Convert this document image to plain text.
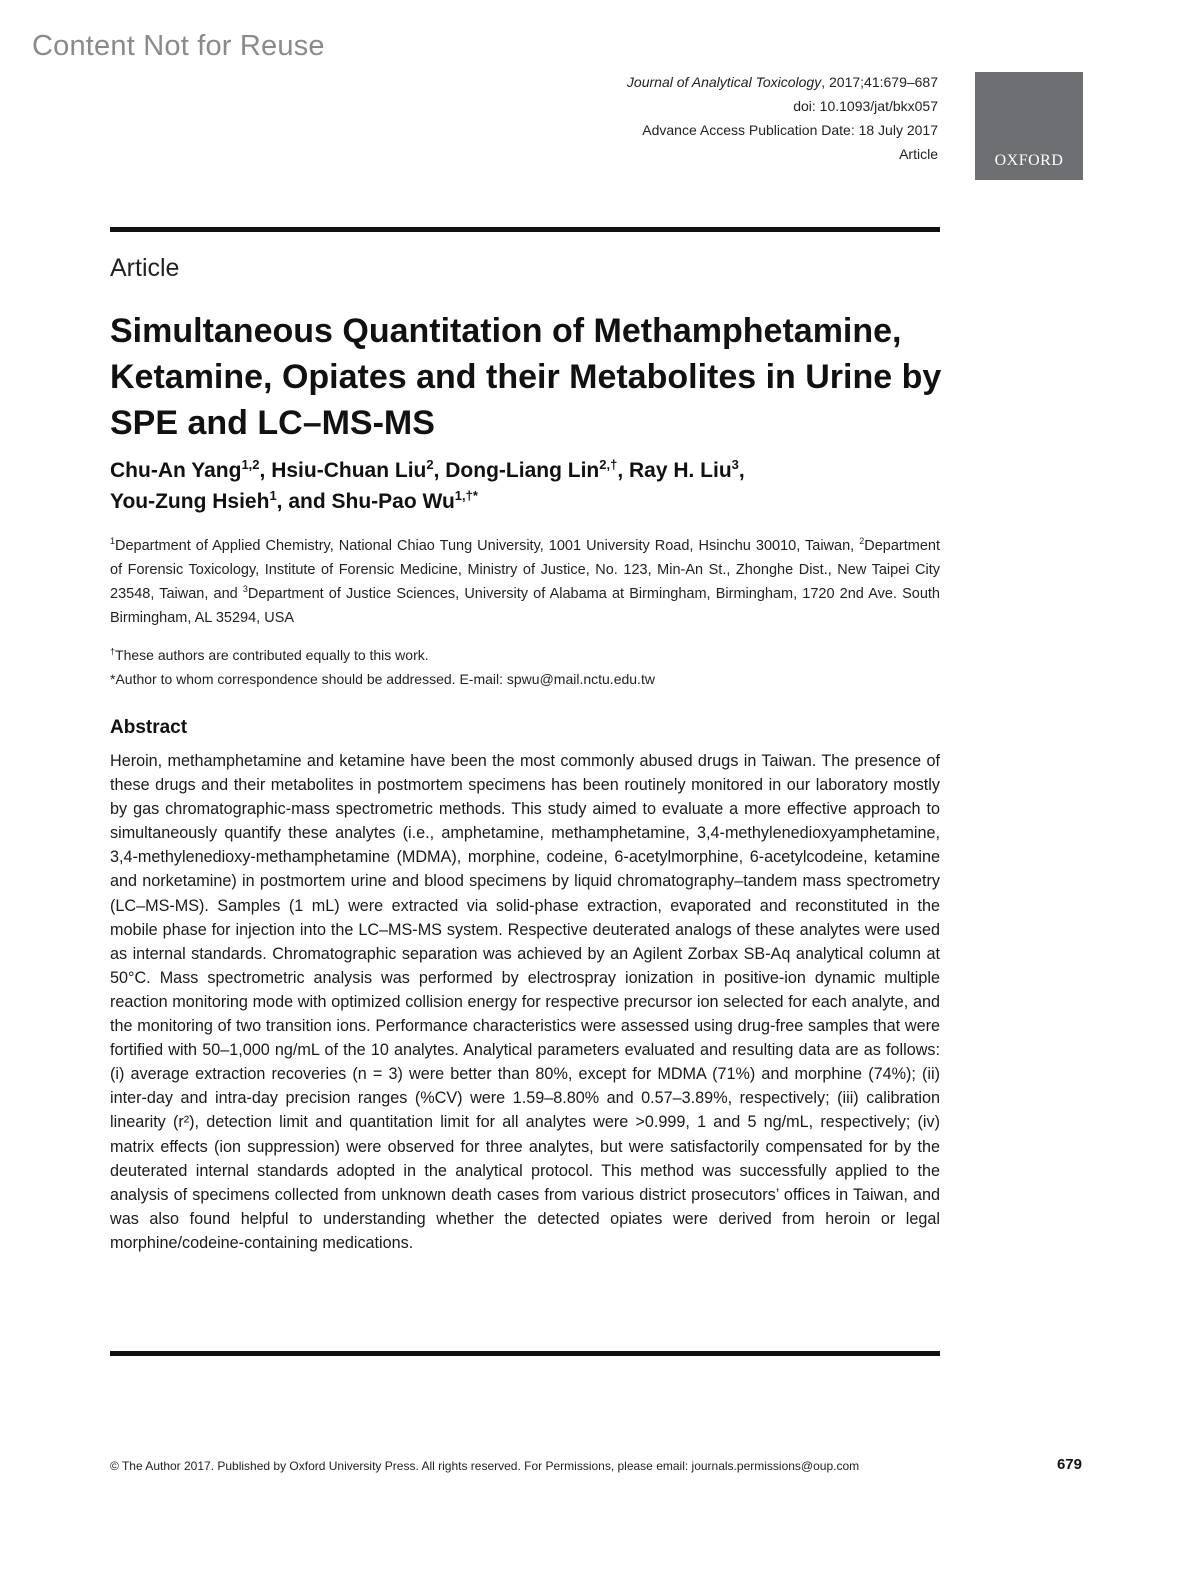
Content Not for Reuse
Journal of Analytical Toxicology, 2017;41:679–687
doi: 10.1093/jat/bkx057
Advance Access Publication Date: 18 July 2017
Article	OXFORD
Article
Simultaneous Quantitation of Methamphetamine, Ketamine, Opiates and their Metabolites in Urine by SPE and LC–MS-MS
Chu-An Yang$^{1,2}$, Hsiu-Chuan Liu$^2$, Dong-Liang Lin$^{2,\dagger}$, Ray H. Liu$^3$,
You-Zung Hsieh$^1$, and Shu-Pao $Wu^{1,\dagger*}$
$^1$Department of Applied Chemistry, National Chiao Tung University, 1001 University Road, Hsinchu 30010, Taiwan, $^2$Department of Forensic Toxicology, Institute of Forensic Medicine, Ministry of Justice, No. 123, Min-An St., Zhonghe Dist., New Taipei City 23548, Taiwan, and $^3$Department of Justice Sciences, University of Alabama at Birmingham, Birmingham, 1720 2nd Ave. South Birmingham, AL 35294, USA
†These authors are contributed equally to this work.
*Author to whom correspondence should be addressed. E-mail: spwu@mail.nctu.edu.tw
Abstract
Heroin, methamphetamine and ketamine have been the most commonly abused drugs in Taiwan. The presence of these drugs and their metabolites in postmortem specimens has been routinely monitored in our laboratory mostly by gas chromatographic-mass spectrometric methods. This study aimed to evaluate a more effective approach to simultaneously quantify these analytes (i.e., amphetamine, methamphetamine, 3,4-methylenedioxyamphetamine, 3,4-methylenedioxy-methamphetamine (MDMA), morphine, codeine, 6-acetylmorphine, 6-acetylcodeine, ketamine and norketamine) in postmortem urine and blood specimens by liquid chromatography–tandem mass spectrometry (LC–MS-MS). Samples (1 mL) were extracted via solid-phase extraction, evaporated and reconstituted in the mobile phase for injection into the LC–MS-MS system. Respective deuterated analogs of these analytes were used as internal standards. Chromatographic separation was achieved by an Agilent Zorbax SB-Aq analytical column at 50°C. Mass spectrometric analysis was performed by electrospray ionization in positive-ion dynamic multiple reaction monitoring mode with optimized collision energy for respective precursor ion selected for each analyte, and the monitoring of two transition ions. Performance characteristics were assessed using drug-free samples that were fortified with 50–1,000 ng/mL of the 10 analytes. Analytical parameters evaluated and resulting data are as follows: (i) average extraction recoveries (n = 3) were better than 80%, except for MDMA (71%) and morphine (74%); (ii) inter-day and intra-day precision ranges (%CV) were 1.59–8.80% and 0.57–3.89%, respectively; (iii) calibration linearity (r²), detection limit and quantitation limit for all analytes were >0.999, 1 and 5 ng/mL, respectively; (iv) matrix effects (ion suppression) were observed for three analytes, but were satisfactorily compensated for by the deuterated internal standards adopted in the analytical protocol. This method was successfully applied to the analysis of specimens collected from unknown death cases from various district prosecutors’ offices in Taiwan, and was also found helpful to understanding whether the detected opiates were derived from heroin or legal morphine/codeine-containing medications.
© The Author 2017. Published by Oxford University Press. All rights reserved. For Permissions, please email: journals.permissions@oup.com	679
